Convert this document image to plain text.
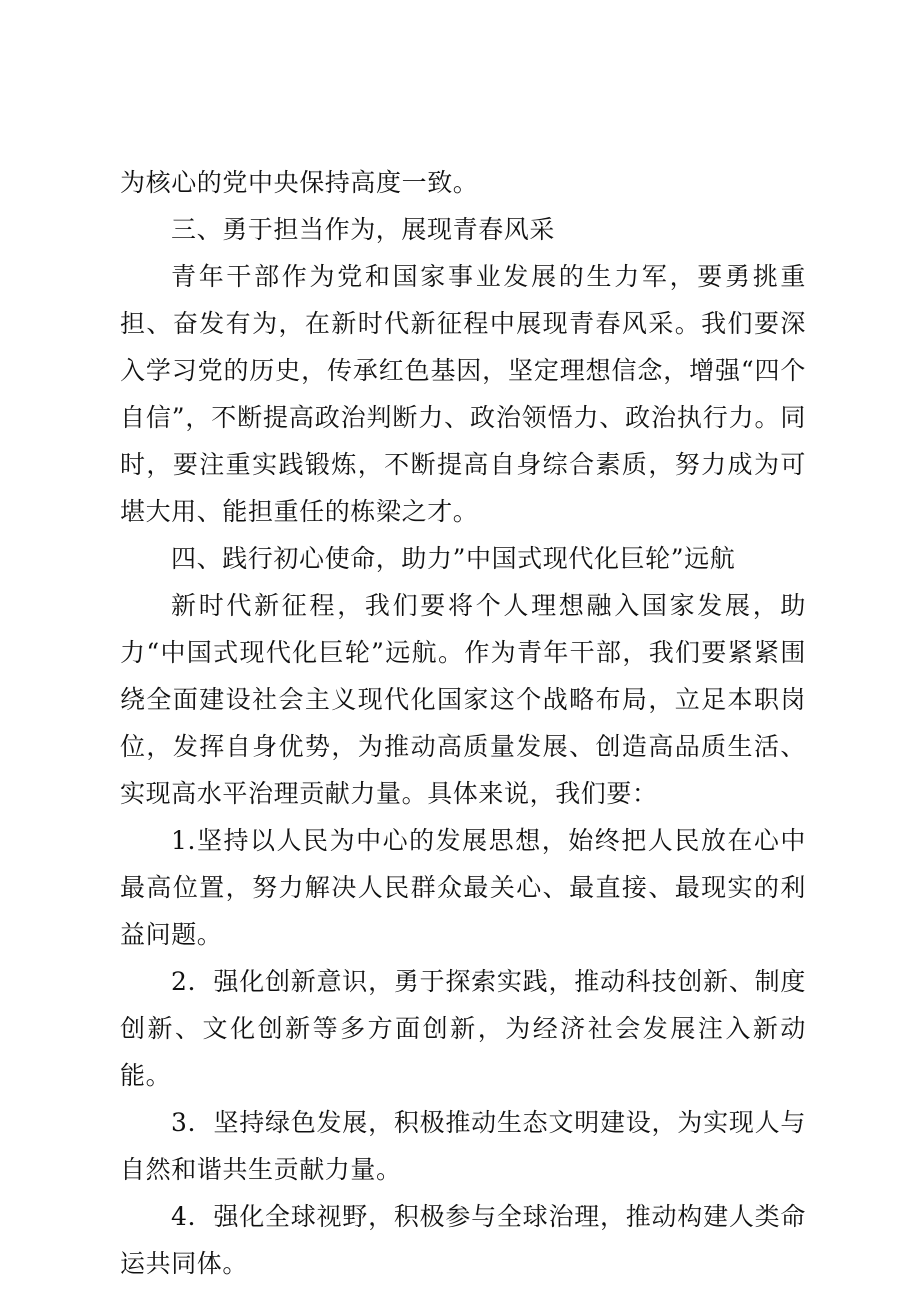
为核心的党中央保持高度一致。

三、勇于担当作为，展现青春风采

青年干部作为党和国家事业发展的生力军，要勇挑重担、奋发有为，在新时代新征程中展现青春风采。我们要深入学习党的历史，传承红色基因，坚定理想信念，增强“四个自信”，不断提高政治判断力、政治领悟力、政治执行力。同时，要注重实践锻炼，不断提高自身综合素质，努力成为可堪大用、能担重任的栋梁之才。

四、践行初心使命，助力”中国式现代化巨轮”远航

新时代新征程，我们要将个人理想融入国家发展，助力“中国式现代化巨轮”远航。作为青年干部，我们要紧紧围绕全面建设社会主义现代化国家这个战略布局，立足本职岗位，发挥自身优势，为推动高质量发展、创造高品质生活、实现高水平治理贡献力量。具体来说，我们要：

1.坚持以人民为中心的发展思想，始终把人民放在心中最高位置，努力解决人民群众最关心、最直接、最现实的利益问题。

2．强化创新意识，勇于探索实践，推动科技创新、制度创新、文化创新等多方面创新，为经济社会发展注入新动能。

3．坚持绿色发展，积极推动生态文明建设，为实现人与自然和谐共生贡献力量。

4．强化全球视野，积极参与全球治理，推动构建人类命运共同体。
